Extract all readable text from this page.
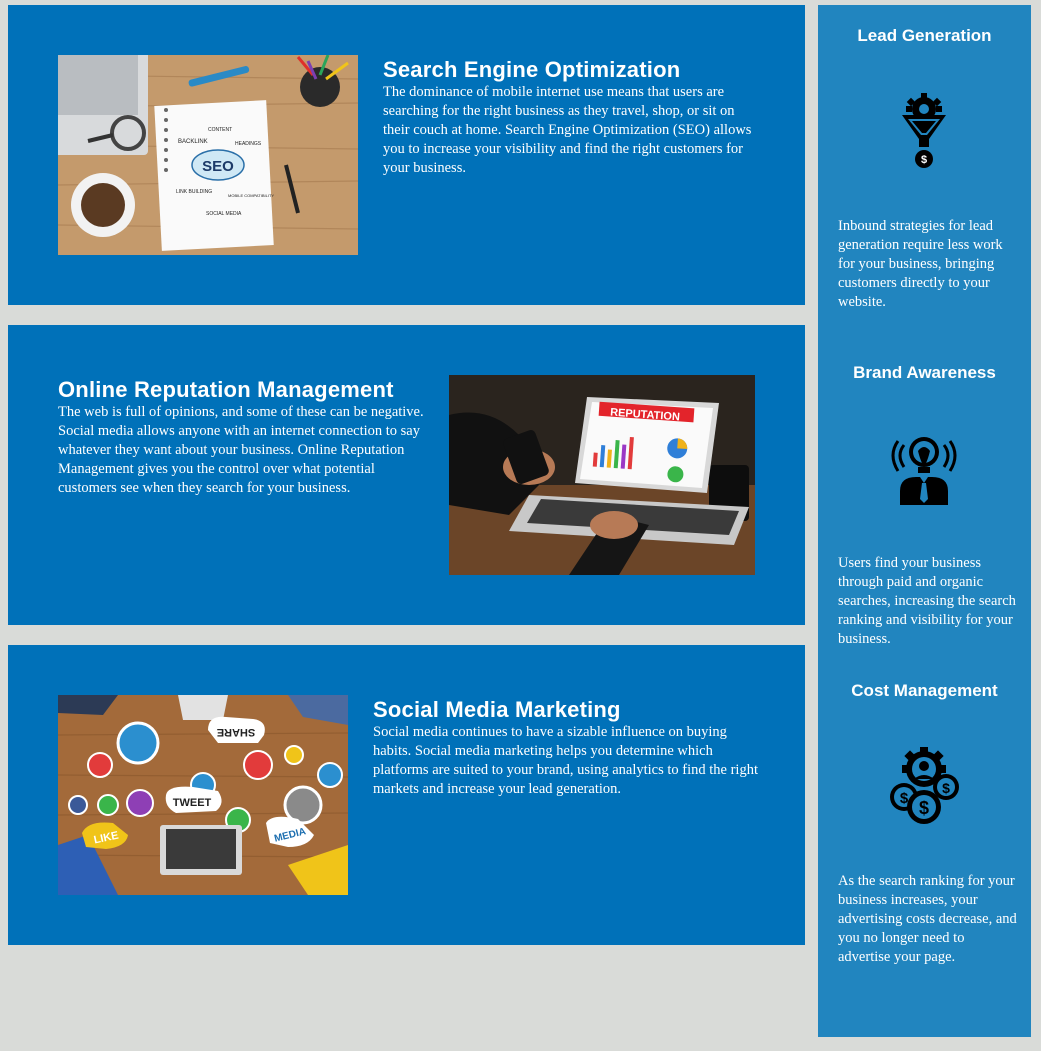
SEO
BACKLINK
CONTENT
HEADINGS
LINK BUILDING
MOBILE COMPATIBILITY
SOCIAL MEDIA
Search Engine Optimization

The dominance of mobile internet use means that users are searching for the right business as they travel, shop, or sit on their couch at home. Search Engine Optimization (SEO) allows you to increase your visibility and find the right customers for your business.

Online Reputation Management

The web is full of opinions, and some of these can be negative. Social media allows anyone with an internet connection to say whatever they want about your business. Online Reputation Management gives you the control over what potential customers see when they search for your business.

REPUTATION
SHARE
TWEET
LIKE	MEDIA
Social Media Marketing

Social media continues to have a sizable influence on buying habits. Social media marketing helps you determine which platforms are suited to your brand, using analytics to find the right markets and increase your lead generation.

Lead Generation
$

Inbound strategies for lead generation require less work for your business, bringing customers directly to your website.

Brand Awareness

Users find your business through paid and organic searches, increasing the search ranking and visibility for your business.

Cost Management
$
$
$

As the search ranking for your business increases, your advertising costs decrease, and you no longer need to advertise your page.
